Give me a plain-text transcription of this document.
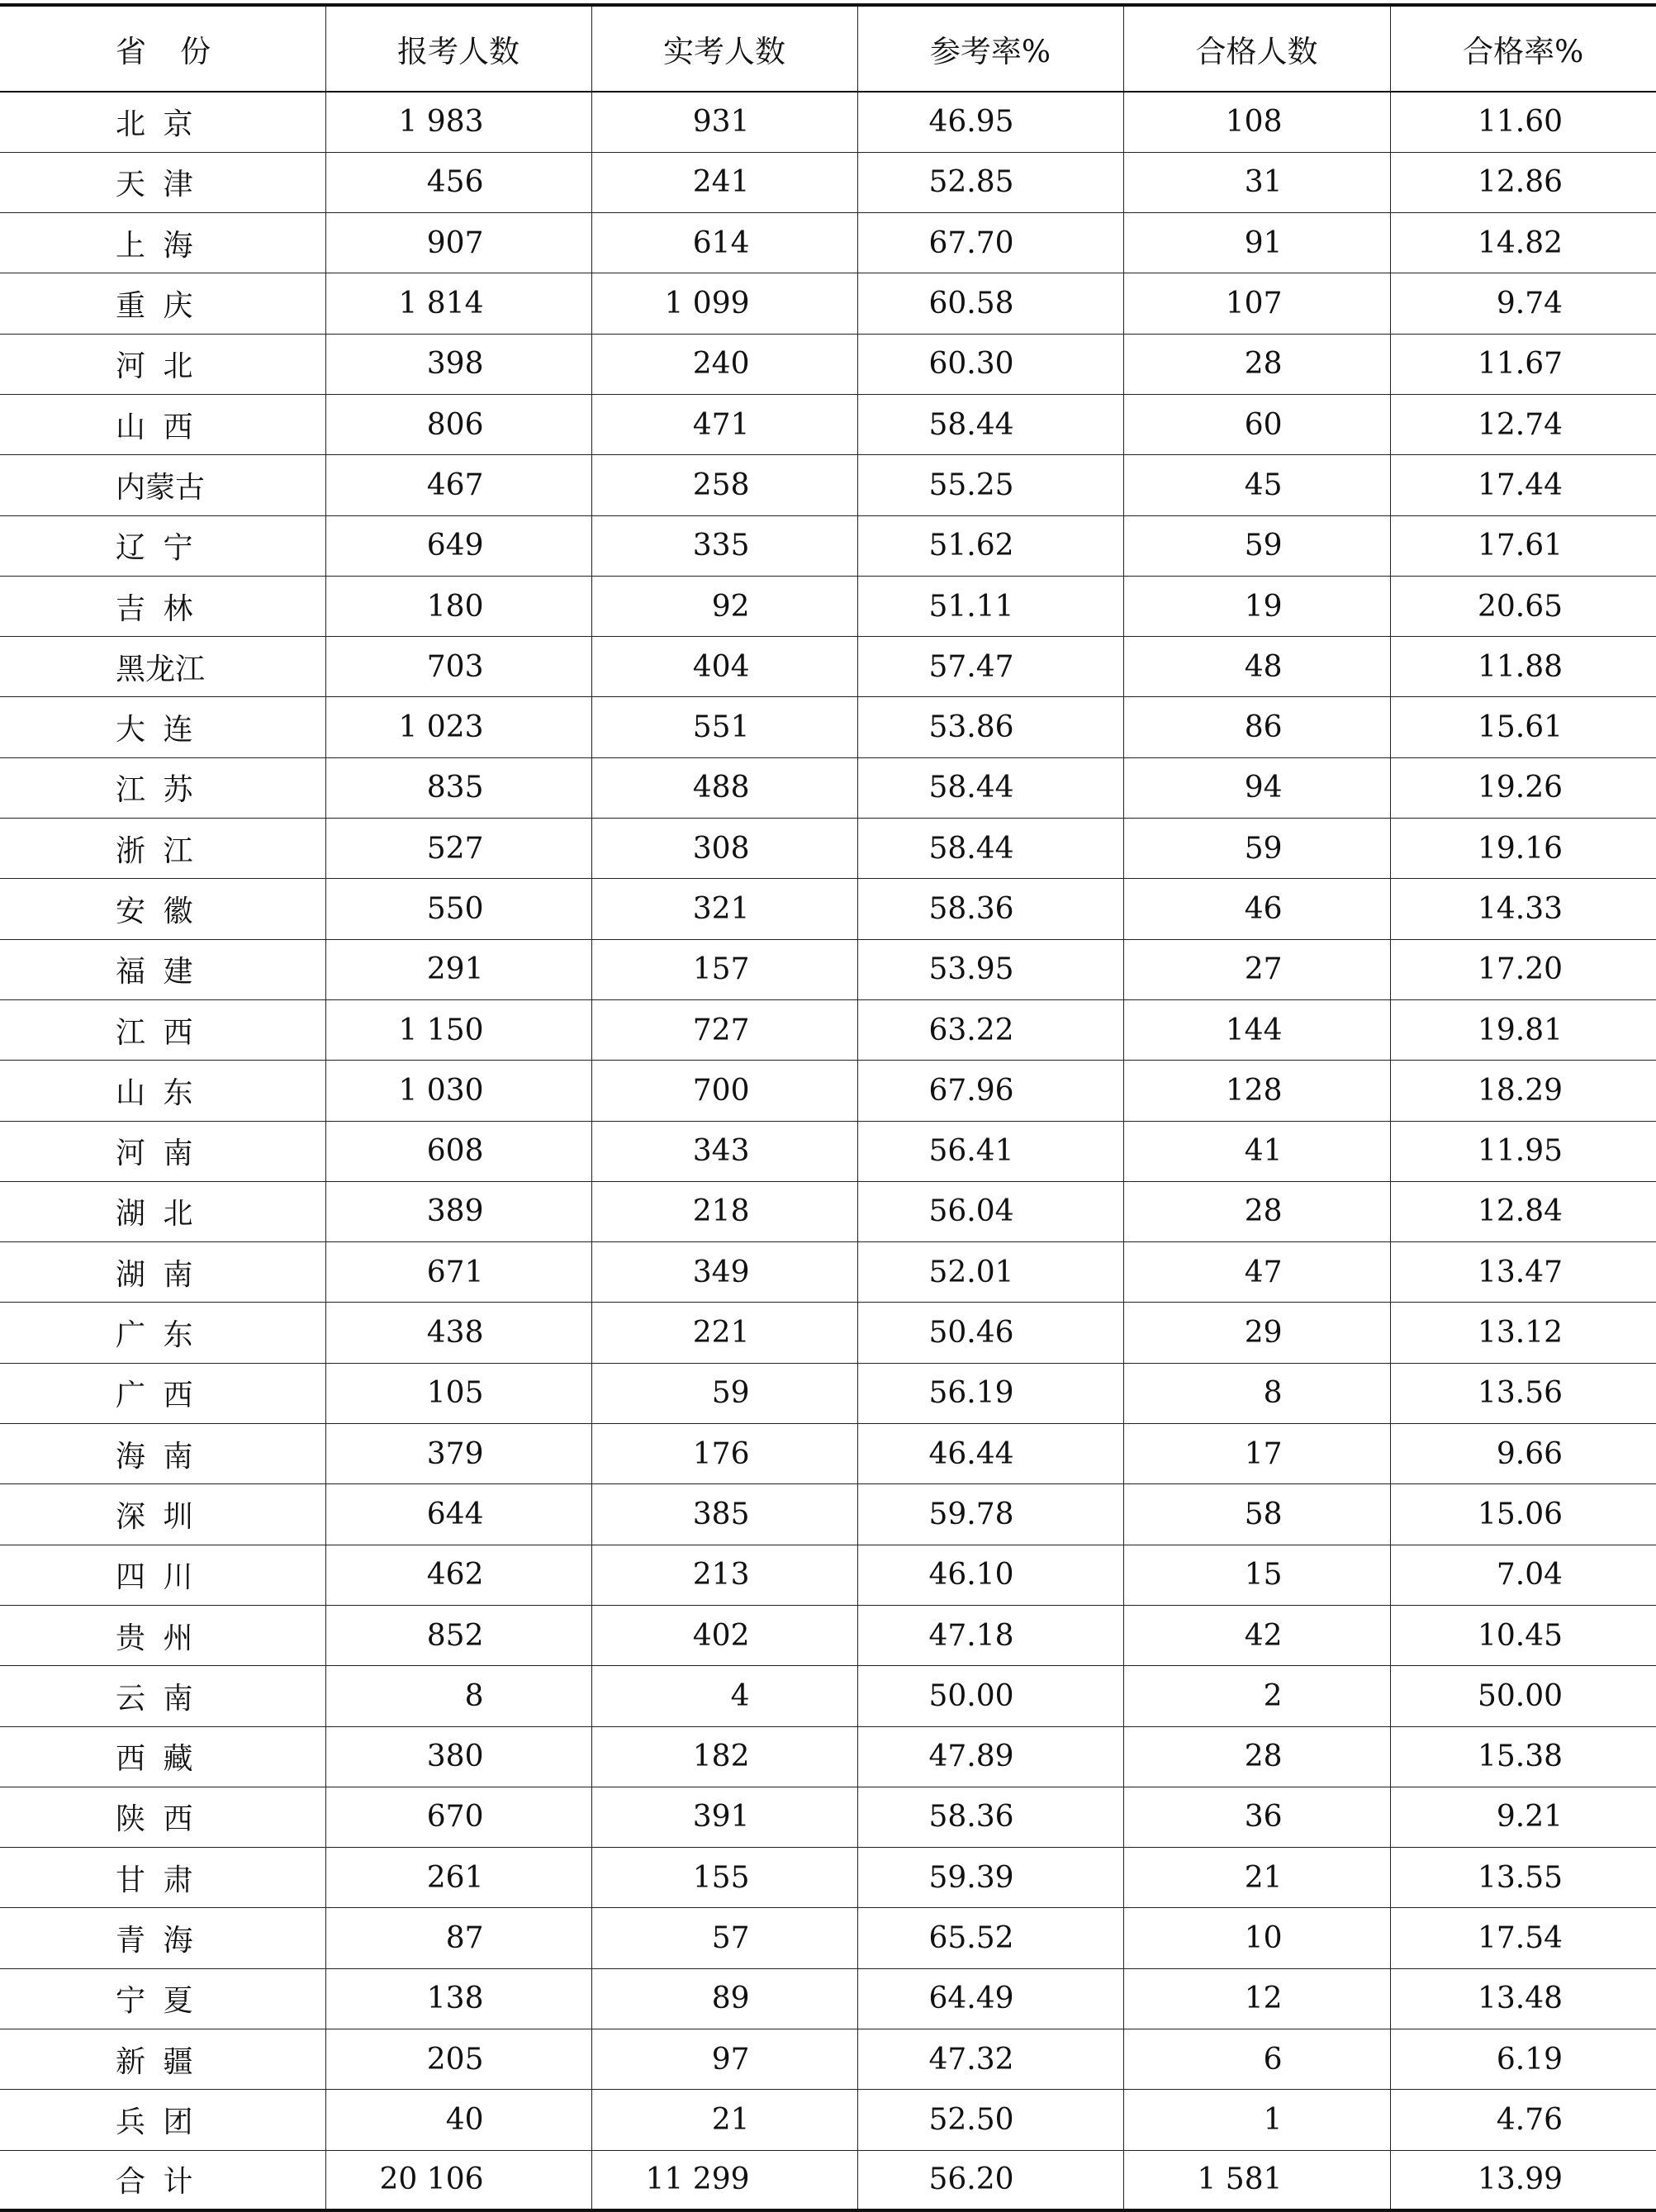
省　份	报考人数	实考人数	参考率%	合格人数	合格率%

北 京	1 983	931	46.95	108	11.60

天 津	456	241	52.85	31	12.86

上 海	907	614	67.70	91	14.82

重 庆	1 814	1 099	60.58	107	9.74

河 北	398	240	60.30	28	11.67

山 西	806	471	58.44	60	12.74
内蒙古	467	258	55.25	45	17.44

辽 宁	649	335	51.62	59	17.61

吉 林	180	92	51.11	19	20.65
黑龙江	703	404	57.47	48	11.88

大 连	1 023	551	53.86	86	15.61

江 苏	835	488	58.44	94	19.26

浙 江	527	308	58.44	59	19.16

安 徽	550	321	58.36	46	14.33

福 建	291	157	53.95	27	17.20

江 西	1 150	727	63.22	144	19.81

山 东	1 030	700	67.96	128	18.29

河 南	608	343	56.41	41	11.95

湖 北	389	218	56.04	28	12.84

湖 南	671	349	52.01	47	13.47

广 东	438	221	50.46	29	13.12

广 西	105	59	56.19	8	13.56

海 南	379	176	46.44	17	9.66

深 圳	644	385	59.78	58	15.06

四 川	462	213	46.10	15	7.04

贵 州	852	402	47.18	42	10.45

云 南	8	4	50.00	2	50.00

西 藏	380	182	47.89	28	15.38

陕 西	670	391	58.36	36	9.21

甘 肃	261	155	59.39	21	13.55

青 海	87	57	65.52	10	17.54

宁 夏	138	89	64.49	12	13.48

新 疆	205	97	47.32	6	6.19

兵 团	40	21	52.50	1	4.76

合 计	20 106	11 299	56.20	1 581	13.99
